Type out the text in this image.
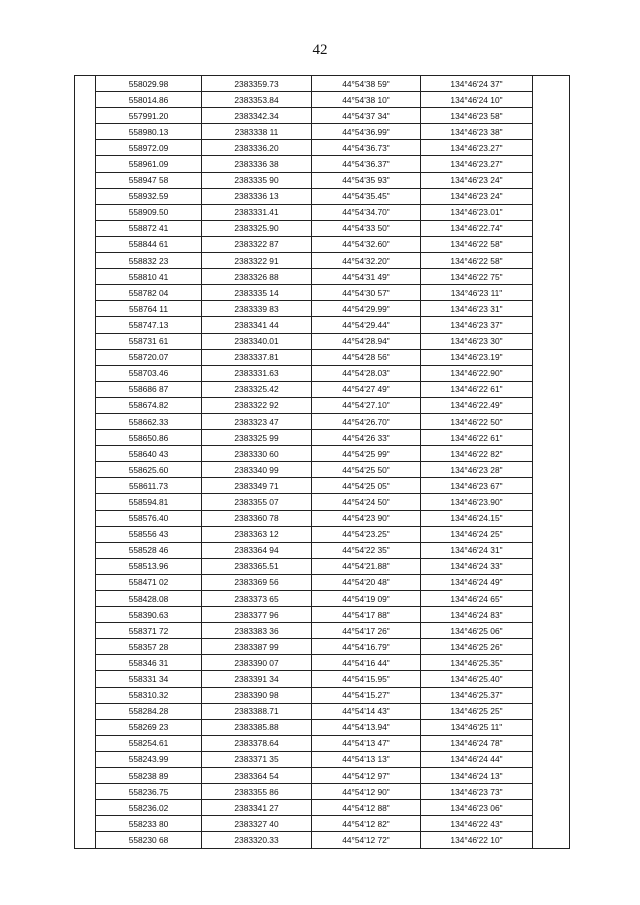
42
	558029.98	2383359.73	44°54'38 59"	134°46'24 37"	
	558014.86	2383353.84	44°54'38 10"	134°46'24 10"	
	557991.20	2383342.34	44°54'37 34"	134°46'23 58"	
	558980.13	2383338 11	44°54'36.99"	134°46'23 38"	
	558972.09	2383336.20	44°54'36.73"	134°46'23.27"	
	558961.09	2383336 38	44°54'36.37"	134°46'23.27"	
	558947 58	2383335 90	44°54'35 93"	134°46'23 24"	
	558932.59	2383336 13	44°54'35.45"	134°46'23 24"	
	558909.50	2383331.41	44°54'34.70"	134°46'23.01"	
	558872 41	2383325.90	44°54'33 50"	134°46'22.74"	
	558844 61	2383322 87	44°54'32.60"	134°46'22 58"	
	558832 23	2383322 91	44°54'32.20"	134°46'22 58"	
	558810 41	2383326 88	44°54'31 49"	134°46'22 75"	
	558782 04	2383335 14	44°54'30 57"	134°46'23 11"	
	558764 11	2383339 83	44°54'29.99"	134°46'23 31"	
	558747.13	2383341 44	44°54'29.44"	134°46'23 37"	
	558731 61	2383340.01	44°54'28.94"	134°46'23 30"	
	558720.07	2383337.81	44°54'28 56"	134°46'23.19"	
	558703.46	2383331.63	44°54'28.03"	134°46'22.90"	
	558686 87	2383325.42	44°54'27 49"	134°46'22 61"	
	558674.82	2383322 92	44°54'27.10"	134°46'22.49"	
	558662.33	2383323 47	44°54'26.70"	134°46'22 50"	
	558650.86	2383325 99	44°54'26 33"	134°46'22 61"	
	558640 43	2383330 60	44°54'25 99"	134°46'22 82"	
	558625.60	2383340 99	44°54'25 50"	134°46'23 28"	
	558611.73	2383349 71	44°54'25 05"	134°46'23 67"	
	558594.81	2383355 07	44°54'24 50"	134°46'23.90"	
	558576.40	2383360 78	44°54'23 90"	134°46'24.15"	
	558556 43	2383363 12	44°54'23.25"	134°46'24 25"	
	558528 46	2383364 94	44°54'22 35"	134°46'24 31"	
	558513.96	2383365.51	44°54'21.88"	134°46'24 33"	
	558471 02	2383369 56	44°54'20 48"	134°46'24 49"	
	558428.08	2383373 65	44°54'19 09"	134°46'24 65"	
	558390.63	2383377 96	44°54'17 88"	134°46'24 83"	
	558371 72	2383383 36	44°54'17 26"	134°46'25 06"	
	558357 28	2383387 99	44°54'16.79"	134°46'25 26"	
	558346 31	2383390 07	44°54'16 44"	134°46'25.35"	
	558331 34	2383391 34	44°54'15.95"	134°46'25.40"	
	558310.32	2383390 98	44°54'15.27"	134°46'25.37"	
	558284.28	2383388.71	44°54'14 43"	134°46'25 25"	
	558269 23	2383385.88	44°54'13.94"	134°46'25 11"	
	558254.61	2383378.64	44°54'13 47"	134°46'24 78"	
	558243.99	2383371 35	44°54'13 13"	134°46'24 44"	
	558238 89	2383364 54	44°54'12 97"	134°46'24 13"	
	558236.75	2383355 86	44°54'12 90"	134°46'23 73"	
	558236.02	2383341 27	44°54'12 88"	134°46'23 06"	
	558233 80	2383327 40	44°54'12 82"	134°46'22 43"	
	558230 68	2383320.33	44°54'12 72"	134°46'22 10"	
